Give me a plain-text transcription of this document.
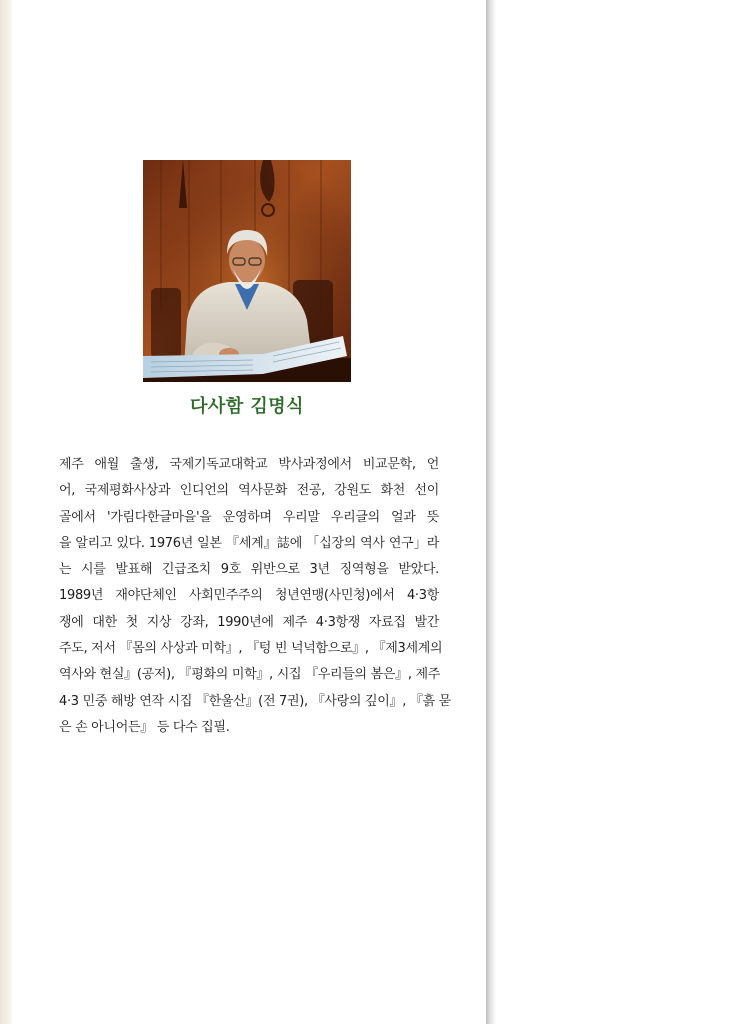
다사함 김명식

제주 애월 출생, 국제기독교대학교 박사과정에서 비교문학, 언
어, 국제평화사상과 인디언의 역사문화 전공, 강원도 화천 선이
골에서 '가림다한글마을'을 운영하며 우리말 우리글의 얼과 뜻
을 알리고 있다. 1976년 일본 『세계』誌에 「십장의 역사 연구」라
는 시를 발표해 긴급조치 9호 위반으로 3년 징역형을 받았다.
1989년 재야단체인 사회민주주의 청년연맹(사민청)에서 4·3항
쟁에 대한 첫 지상 강좌, 1990년에 제주 4·3항쟁 자료집 발간
주도, 저서 『몸의 사상과 미학』, 『텅 빈 넉넉함으로』, 『제3세계의
역사와 현실』(공저), 『평화의 미학』, 시집 『우리들의 봄은』, 제주
4·3 민중 해방 연작 시집 『한울산』(전 7권), 『사랑의 깊이』, 『흙 묻
은 손 아니어든』 등 다수 집필.
